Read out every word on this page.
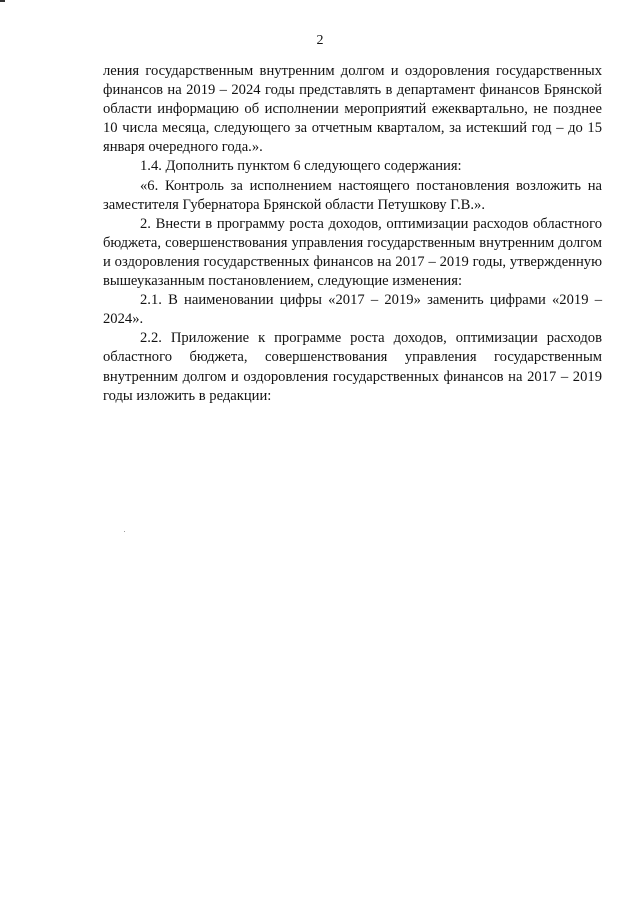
2

ления государственным внутренним долгом и оздоровления государственных финансов на 2019 – 2024 годы представлять в департамент финансов Брянской области информацию об исполнении мероприятий ежеквартально, не позднее 10 числа месяца, следующего за отчетным кварталом, за истекший год – до 15 января очередного года.».

1.4. Дополнить пунктом 6 следующего содержания:

«6. Контроль за исполнением настоящего постановления возложить на заместителя Губернатора Брянской области Петушкову Г.В.».

2. Внести в программу роста доходов, оптимизации расходов областного бюджета, совершенствования управления государственным внутренним долгом и оздоровления государственных финансов на 2017 – 2019 годы, утвержденную вышеуказанным постановлением, следующие изменения:

2.1. В наименовании цифры «2017 – 2019» заменить цифрами «2019 – 2024».

2.2. Приложение к программе роста доходов, оптимизации расходов областного бюджета, совершенствования управления государственным внутренним долгом и оздоровления государственных финансов на 2017 – 2019 годы изложить в редакции:
